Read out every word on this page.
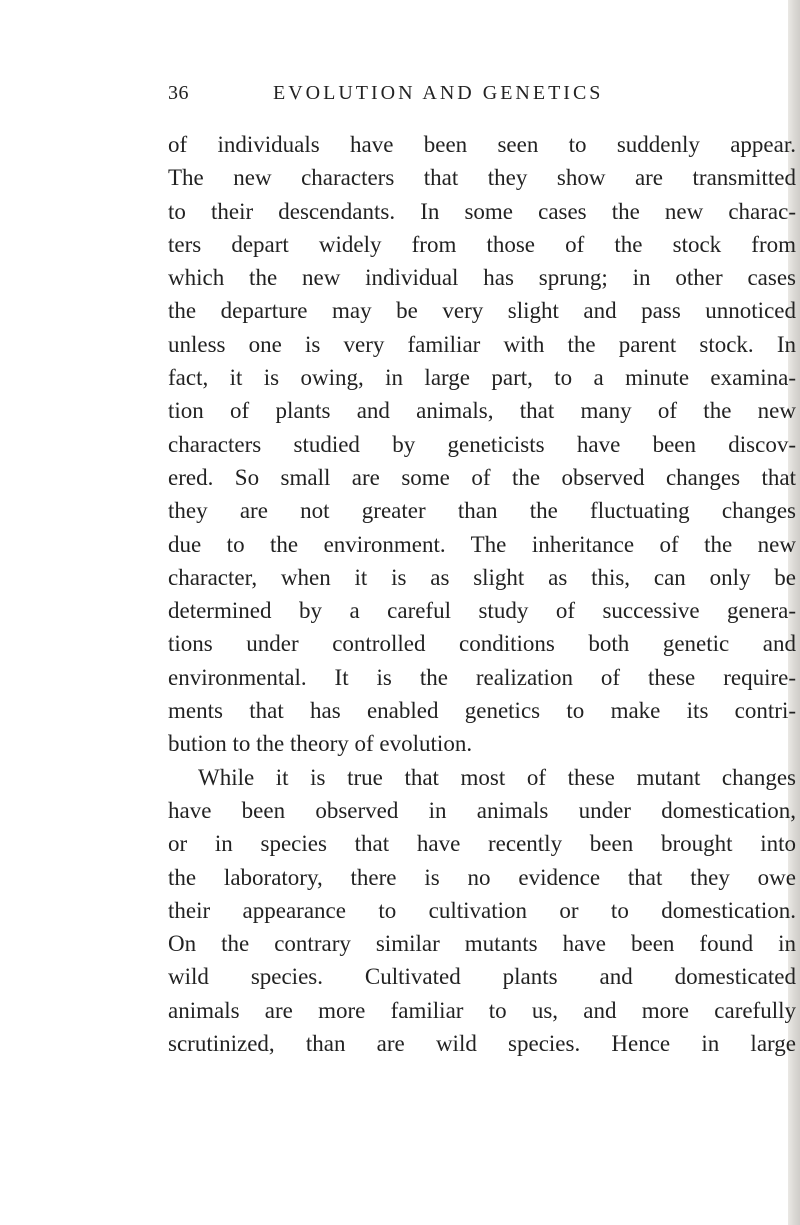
36	EVOLUTION AND GENETICS
of individuals have been seen to suddenly appear.
The new characters that they show are transmitted
to their descendants. In some cases the new charac-
ters depart widely from those of the stock from
which the new individual has sprung; in other cases
the departure may be very slight and pass unnoticed
unless one is very familiar with the parent stock. In
fact, it is owing, in large part, to a minute examina-
tion of plants and animals, that many of the new
characters studied by geneticists have been discov-
ered. So small are some of the observed changes that
they are not greater than the fluctuating changes
due to the environment. The inheritance of the new
character, when it is as slight as this, can only be
determined by a careful study of successive genera-
tions under controlled conditions both genetic and
environmental. It is the realization of these require-
ments that has enabled genetics to make its contri-
bution to the theory of evolution.
While it is true that most of these mutant changes
have been observed in animals under domestication,
or in species that have recently been brought into
the laboratory, there is no evidence that they owe
their appearance to cultivation or to domestication.
On the contrary similar mutants have been found in
wild species. Cultivated plants and domesticated
animals are more familiar to us, and more carefully
scrutinized, than are wild species. Hence in large
